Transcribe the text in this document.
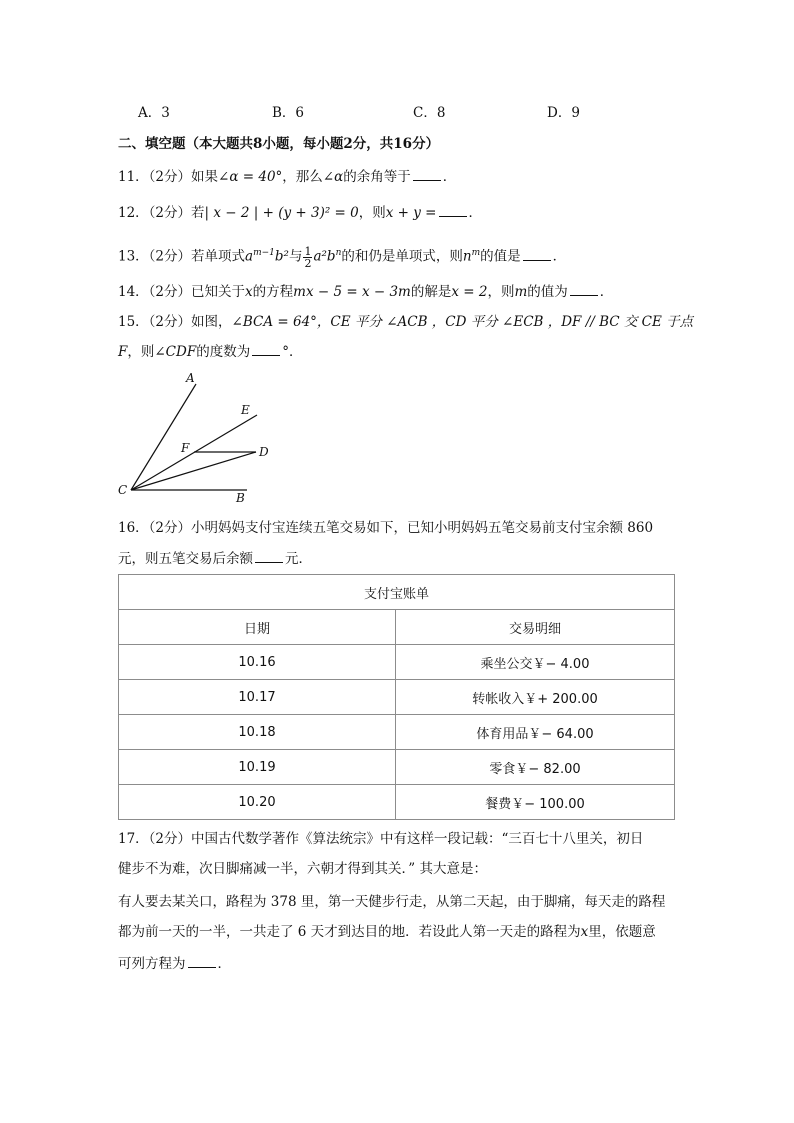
A．3	B．6	C．8	D．9
二、填空题（本大题共8小题，每小题2分，共16分）
11．（2分）如果∠α = 40°，那么∠α的余角等于 ．
12．（2分）若| x − 2 | + (y + 3)² = 0，则x + y = ．
13．（2分）若单项式$a^{m-1}b^2$与 $\frac{1}{2} a^2b^n$的和仍是单项式，则$n^m$的值是 ．
14．（2分）已知关于x的方程mx − 5 = x − 3m的解是x = 2，则m的值为 ．
15．（2分）如图，∠BCA = 64°，CE 平分 ∠ACB ，CD 平分 ∠ECB ，DF // BC 交 CE 于点
F，则∠CDF的度数为 °．
A
E
F	D
C
B
16．（2分）小明妈妈支付宝连续五笔交易如下，已知小明妈妈五笔交易前支付宝余额 860
元，则五笔交易后余额 元．
支付宝账单	
日期	交易明细
10.16	乘坐公交￥− 4.00
10.17	转帐收入￥+ 200.00
10.18	体育用品￥− 64.00
10.19	零食￥− 82.00
10.20	餐费￥− 100.00
17．（2分）中国古代数学著作《算法统宗》中有这样一段记载：“三百七十八里关，初日
健步不为难，次日脚痛减一半，六朝才得到其关．” 其大意是：
有人要去某关口，路程为 378 里，第一天健步行走，从第二天起，由于脚痛，每天走的路程
都为前一天的一半，一共走了 6 天才到达目的地．若设此人第一天走的路程为x里，依题意
可列方程为 ．
